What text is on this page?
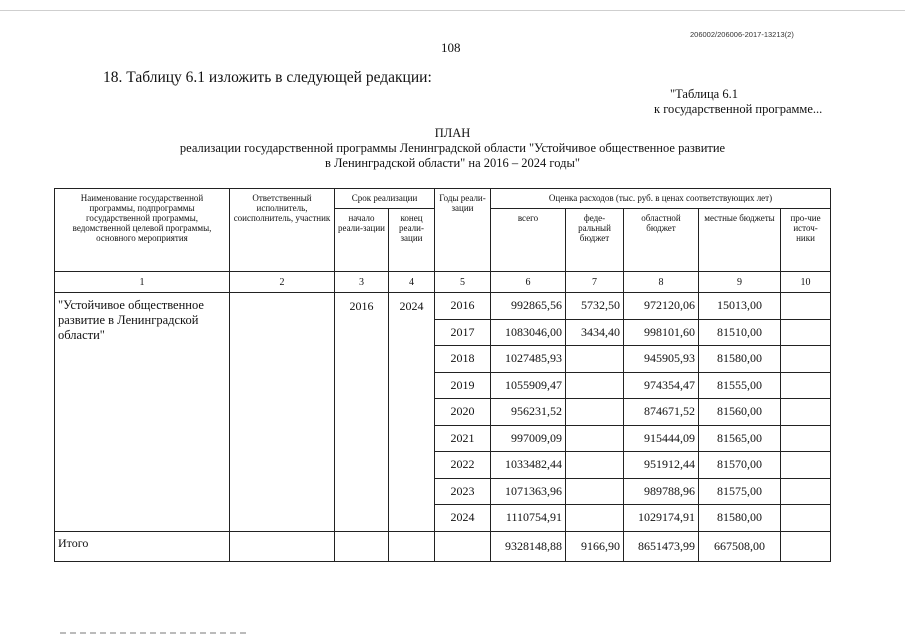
206002/206006-2017-13213(2)
108
18. Таблицу 6.1 изложить в следующей редакции:
"Таблица 6.1
к государственной программе...
ПЛАН
реализации государственной программы Ленинградской области "Устойчивое общественное развитие
в Ленинградской области" на 2016 – 2024 годы"
Наименование государственной программы, подпрограммы государственной программы, ведомственной целевой программы, основного мероприятия	Ответственный исполнитель, соисполнитель, участник	Срок реализации		Годы реали-зации	Оценка расходов (тыс. руб. в ценах соответствующих лет)				
		начало реали-зации	конец реали-зации		всего	феде-ральный бюджет	областной бюджет	местные бюджеты	про-чие источ-ники
1	2	3	4	5	6	7	8	9	10
"Устойчивое общественное развитие в Ленинградской области"		2016	2024	2016	992865,56	5732,50	972120,06	15013,00	
				2017	1083046,00	3434,40	998101,60	81510,00	
				2018	1027485,93		945905,93	81580,00	
				2019	1055909,47		974354,47	81555,00	
				2020	956231,52		874671,52	81560,00	
				2021	997009,09		915444,09	81565,00	
				2022	1033482,44		951912,44	81570,00	
				2023	1071363,96		989788,96	81575,00	
				2024	1110754,91		1029174,91	81580,00	
Итого					9328148,88	9166,90	8651473,99	667508,00	
